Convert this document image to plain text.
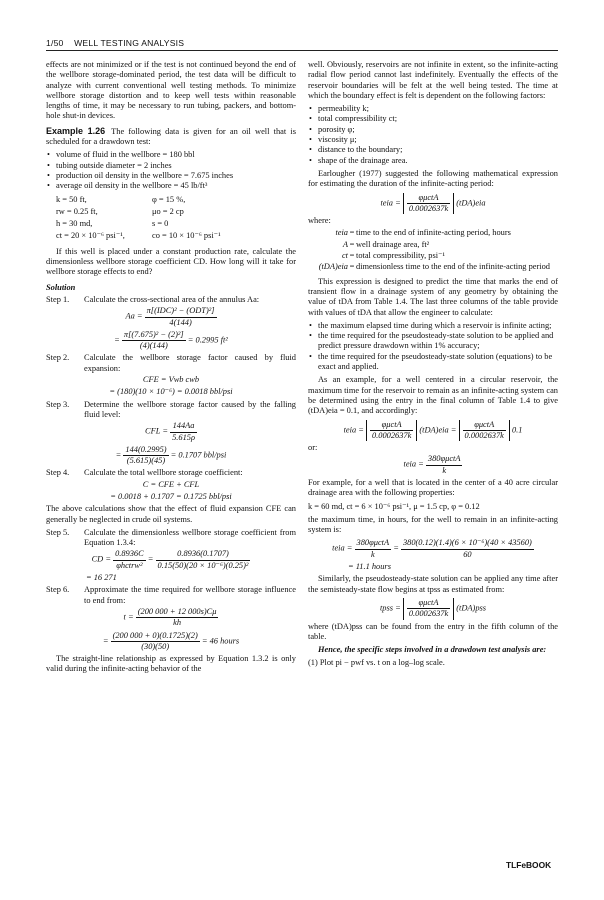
1/50 WELL TESTING ANALYSIS

effects are not minimized or if the test is not continued beyond the end of the wellbore storage-dominated period, the test data will be difficult to analyze with current conventional well testing methods. To minimize wellbore storage distortion and to keep well tests within reasonable lengths of time, it may be necessary to run tubing, packers, and bottom-hole shut-in devices.

Example 1.26 The following data is given for an oil well that is scheduled for a drawdown test:

• volume of fluid in the wellbore = 180 bbl
• tubing outside diameter = 2 inches
• production oil density in the wellbore = 7.675 inches
• average oil density in the wellbore = 45 lb/ft³
k = 50 ft,	φ = 15 %,
rw = 0.25 ft,	μo = 2 cp
h = 30 md,	s = 0
ct = 20 × 10⁻⁶ psi⁻¹,	co = 10 × 10⁻⁶ psi⁻¹

If this well is placed under a constant production rate, calculate the dimensionless wellbore storage coefficient CD. How long will it take for wellbore storage effects to end?

Solution
Step 1.	Calculate the cross-sectional area of the annulus Aa:
$Aa = \frac{\text{π[(IDC)² − (ODT)²]}}{4(144)}$
= $\frac{\text{π[(7.675)² − (2)²]}}{(4)(144)} = 0.2995$ ft²
Step 2.	Calculate the wellbore storage factor caused by fluid expansion:
CFE = Vwb cwb
= (180)(10 × 10⁻⁶) = 0.0018 bbl/psi
Step 3.	Determine the wellbore storage factor caused by the falling fluid level:
CFL = $\frac{144Aa}{5.615\rho}$
= $\frac{144(0.2995)}{(5.615)(45)} = 0.1707$ bbl/psi
Step 4.	Calculate the total wellbore storage coefficient:
C = CFE + CFL
= 0.0018 + 0.1707 = 0.1725 bbl/psi

The above calculations show that the effect of fluid expansion CFE can generally be neglected in crude oil systems.

Step 5.	Calculate the dimensionless wellbore storage coefficient from Equation 1.3.4:
CD = $\frac{0.8936C}{\text{φhctrw²}} = \frac{0.8936(0.1707)}{\text{0.15(50)(20 × 10⁻⁶)(0.25)²}}$
= 16 271
Step 6.	Approximate the time required for wellbore storage influence to end from:
$t = \frac{(200 000 + 12 000s)C\mu}{kh}$
= $\frac{(200 000 + 0)(0.1725)(2)}{(30)(50)} = 46$ hours

The straight-line relationship as expressed by Equation 1.3.2 is only valid during the infinite-acting behavior of the

well. Obviously, reservoirs are not infinite in extent, so the infinite-acting radial flow period cannot last indefinitely. Eventually the effects of the reservoir boundaries will be felt at the well being tested. The time at which the boundary effect is felt is dependent on the following factors:

• permeability k;
• total compressibility ct;
• porosity φ;
• viscosity μ;
• distance to the boundary;
• shape of the drainage area.

Earlougher (1977) suggested the following mathematical expression for estimating the duration of the infinite-acting period:

teia = $\frac{\text{φμctA}}{0.0002637k} (tDA)eia$
where:
teia = time to the end of infinite-acting period, hours
A = well drainage area, ft²
ct = total compressibility, psi⁻¹
(tDA)eia = dimensionless time to the end of the infinite-acting period

This expression is designed to predict the time that marks the end of transient flow in a drainage system of any geometry by obtaining the value of tDA from Table 1.4. The last three columns of the table provide with values of tDA that allow the engineer to calculate:

• the maximum elapsed time during which a reservoir is infinite acting;
• the time required for the pseudosteady-state solution to be applied and predict pressure drawdown within 1% accuracy;
• the time required for the pseudosteady-state solution (equations) to be exact and applied.

As an example, for a well centered in a circular reservoir, the maximum time for the reservoir to remain as an infinite-acting system can be determined using the entry in the final column of Table 1.4 to give (tDA)eia = 0.1, and accordingly:

teia = $\frac{\text{φμctA}}{0.0002637k} (tDA)eia = \frac{\text{φμctA}}{0.0002637k} 0.1$
or:
teia = $\frac{\text{380φμctA}}{k}$

For example, for a well that is located in the center of a 40 acre circular drainage area with the following properties:

k = 60 md, ct = 6 × 10⁻⁶ psi⁻¹, μ = 1.5 cp, φ = 0.12

the maximum time, in hours, for the well to remain in an infinite-acting system is:

teia = $\frac{\text{380φμctA}}{k} = \frac{\text{380(0.12)(1.4)(6 × 10⁻⁶)(40 × 43560)}}{60}$
= 11.1 hours

Similarly, the pseudosteady-state solution can be applied any time after the semisteady-state flow begins at tpss as estimated from:

tpss = $\frac{\text{φμctA}}{0.0002637k} (tDA)pss$

where (tDA)pss can be found from the entry in the fifth column of the table.

Hence, the specific steps involved in a drawdown test analysis are:

(1) Plot pi − pwf vs. t on a log–log scale.

TLFeBOOK
